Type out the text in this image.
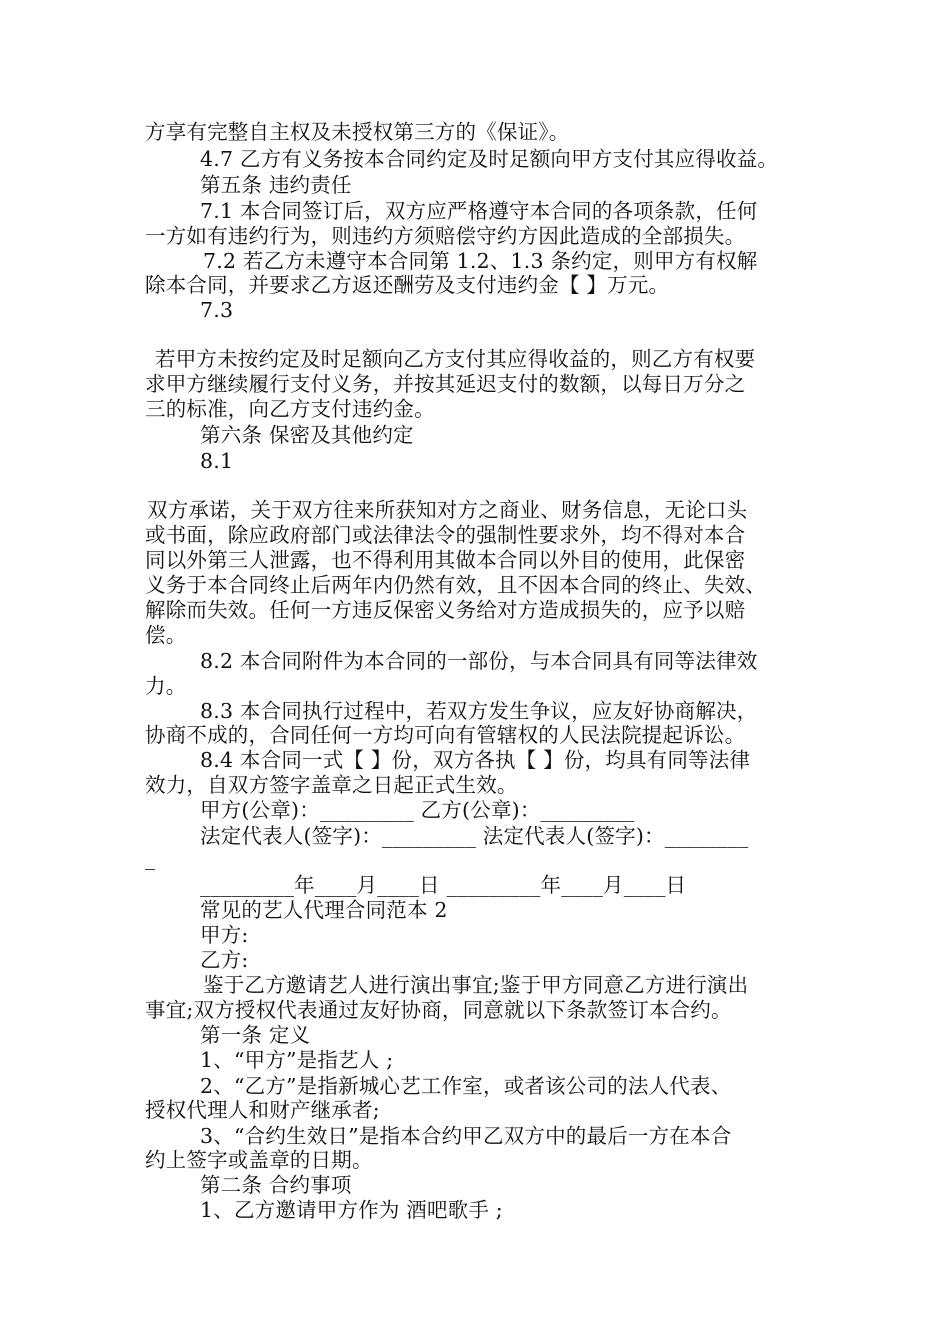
方享有完整自主权及未授权第三方的《保证》。

4.7 乙方有义务按本合同约定及时足额向甲方支付其应得收益。

第五条 违约责任

7.1 本合同签订后，双方应严格遵守本合同的各项条款，任何

一方如有违约行为，则违约方须赔偿守约方因此造成的全部损失。

7.2 若乙方未遵守本合同第 1.2、1.3 条约定，则甲方有权解

除本合同，并要求乙方返还酬劳及支付违约金【 】万元。

7.3

若甲方未按约定及时足额向乙方支付其应得收益的，则乙方有权要

求甲方继续履行支付义务，并按其延迟支付的数额，以每日万分之

三的标准，向乙方支付违约金。

第六条 保密及其他约定

8.1

双方承诺，关于双方往来所获知对方之商业、财务信息，无论口头

或书面，除应政府部门或法律法令的强制性要求外，均不得对本合

同以外第三人泄露，也不得利用其做本合同以外目的使用，此保密

义务于本合同终止后两年内仍然有效，且不因本合同的终止、失效、

解除而失效。任何一方违反保密义务给对方造成损失的，应予以赔

偿。

8.2 本合同附件为本合同的一部份，与本合同具有同等法律效

力。

8.3 本合同执行过程中，若双方发生争议，应友好协商解决，

协商不成的，合同任何一方均可向有管辖权的人民法院提起诉讼。

8.4 本合同一式【 】份，双方各执【 】份，均具有同等法律

效力，自双方签字盖章之日起正式生效。

甲方(公章)：_________ 乙方(公章)：_________

法定代表人(签字)：_________ 法定代表人(签字)：________

_

_________年____月____日 _________年____月____日

常见的艺人代理合同范本 2

甲方:

乙方:

鉴于乙方邀请艺人进行演出事宜;鉴于甲方同意乙方进行演出

事宜;双方授权代表通过友好协商，同意就以下条款签订本合约。

第一条 定义

1、“甲方”是指艺人 ;

2、“乙方”是指新城心艺工作室，或者该公司的法人代表、

授权代理人和财产继承者;

3、“合约生效日”是指本合约甲乙双方中的最后一方在本合

约上签字或盖章的日期。

第二条 合约事项

1、乙方邀请甲方作为 酒吧歌手 ;
